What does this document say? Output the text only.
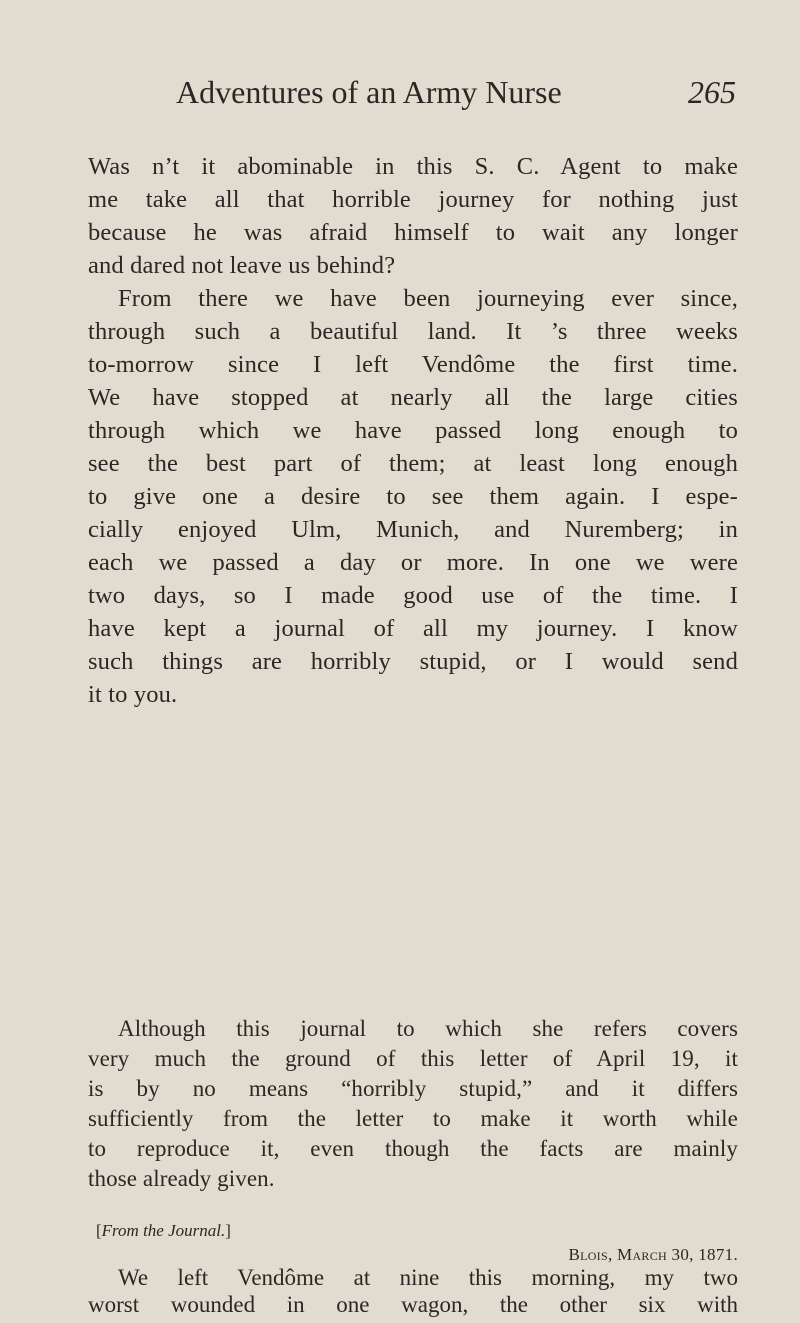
Adventures of an Army Nurse	265
Was n’t it abominable in this S. C. Agent to make
me take all that horrible journey for nothing just
because he was afraid himself to wait any longer
and dared not leave us behind?
From there we have been journeying ever since,
through such a beautiful land. It ’s three weeks
to-morrow since I left Vendôme the first time.
We have stopped at nearly all the large cities
through which we have passed long enough to
see the best part of them; at least long enough
to give one a desire to see them again. I espe-
cially enjoyed Ulm, Munich, and Nuremberg; in
each we passed a day or more. In one we were
two days, so I made good use of the time. I
have kept a journal of all my journey. I know
such things are horribly stupid, or I would send
it to you.
Although this journal to which she refers covers
very much the ground of this letter of April 19, it
is by no means “horribly stupid,” and it differs
sufficiently from the letter to make it worth while
to reproduce it, even though the facts are mainly
those already given.
[From the Journal.]
Blois, March 30, 1871.
We left Vendôme at nine this morning, my two
worst wounded in one wagon, the other six with
